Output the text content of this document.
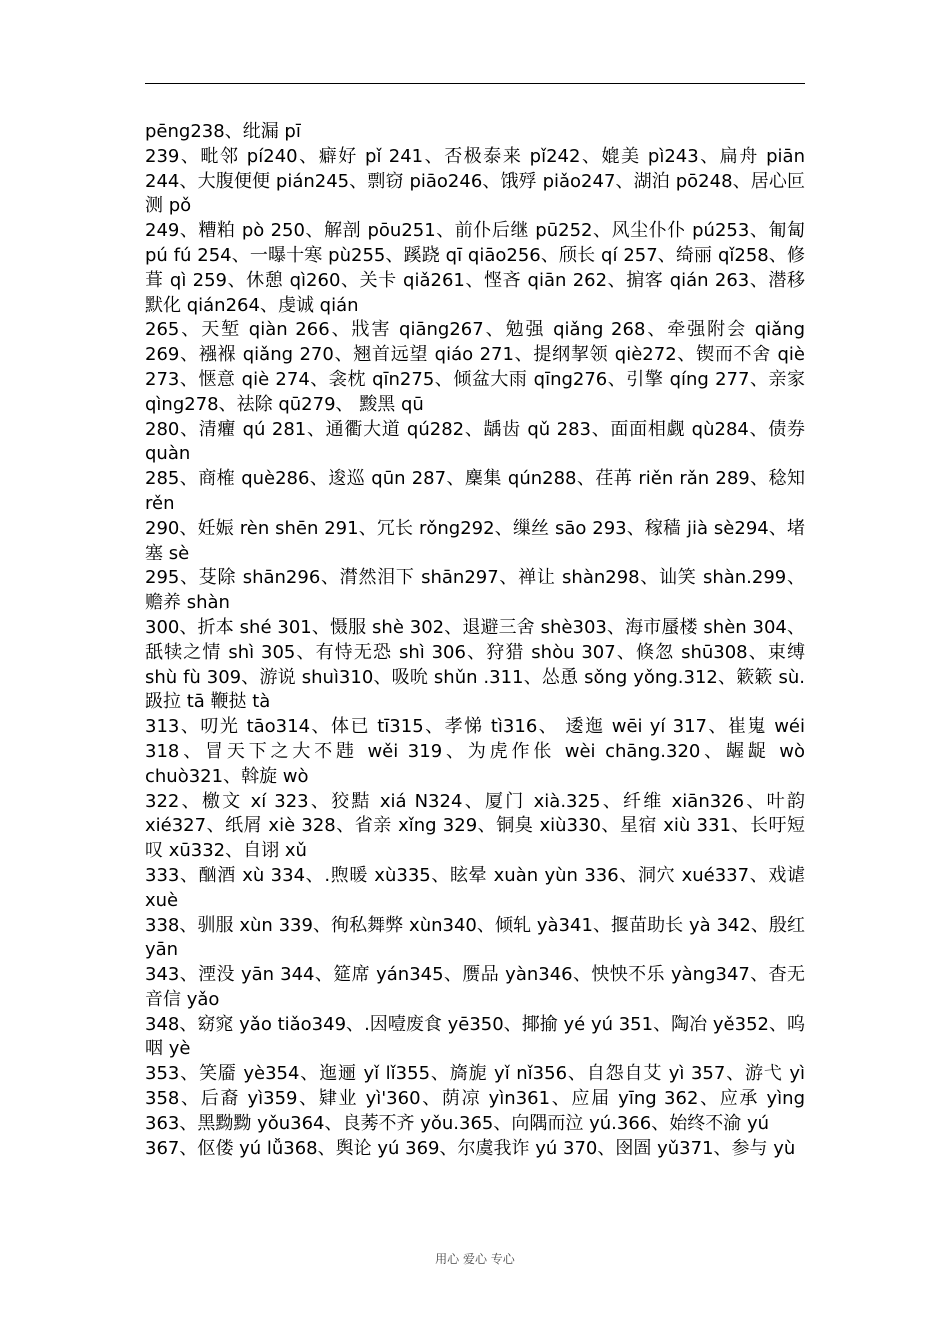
pēng238、纰漏 pī

239、毗邻 pí240、癖好 pǐ 241、否极泰来 pǐ242、媲美 pì243、扁舟 piān 244、大腹便便 pián245、剽窃 piāo246、饿殍 piǎo247、湖泊 pō248、居心叵测 pǒ

249、糟粕 pò 250、解剖 pōu251、前仆后继 pū252、风尘仆仆 pú253、匍匐 pú fú 254、一曝十寒 pù255、蹊跷 qī qiāo256、颀长 qí 257、绮丽 qǐ258、修葺 qì 259、休憩 qì260、关卡 qiǎ261、悭吝 qiān 262、掮客 qián 263、潜移默化 qián264、虔诚 qián

265、天堑 qiàn 266、戕害 qiāng267、勉强 qiǎng 268、牵强附会 qiǎng 269、襁褓 qiǎng 270、翘首远望 qiáo 271、提纲挈领 qiè272、锲而不舍 qiè 273、惬意 qiè 274、衾枕 qīn275、倾盆大雨 qīng276、引擎 qíng 277、亲家 qìng278、祛除 qū279、 黢黑 qū

280、清癯 qú 281、通衢大道 qú282、龋齿 qǔ 283、面面相觑 qù284、债券 quàn

285、商榷 què286、逡巡 qūn 287、麇集 qún288、荏苒 riěn rǎn 289、稔知 rěn

290、妊娠 rèn shēn 291、冗长 rǒng292、缫丝 sāo 293、稼穑 jià sè294、堵塞 sè

295、芟除 shān296、潸然泪下 shān297、禅让 shàn298、讪笑 shàn.299、赡养 shàn

300、折本 shé 301、慑服 shè 302、退避三舍 shè303、海市蜃楼 shèn 304、舐犊之情 shì 305、有恃无恐 shì 306、狩猎 shòu 307、倏忽 shū308、束缚 shù fù 309、游说 shuì310、吸吮 shǔn .311、怂恿 sǒng yǒng.312、簌簌 sù.趿拉 tā 鞭挞 tà

313、叨光 tāo314、体已 tī315、孝悌 tì316、 逶迤 wēi yí 317、崔嵬 wéi 318、冒天下之大不韪 wěi 319、为虎作伥 wèi chāng.320、龌龊 wò chuò321、斡旋 wò

322、檄文 xí 323、狡黠 xiá N324、厦门 xià.325、纤维 xiān326、叶韵 xié327、纸屑 xiè 328、省亲 xǐng 329、铜臭 xiù330、星宿 xiù 331、长吁短叹 xū332、自诩 xǔ

333、酗酒 xù 334、.煦暖 xù335、眩晕 xuàn yùn 336、洞穴 xué337、戏谑 xuè

338、驯服 xùn 339、徇私舞弊 xùn340、倾轧 yà341、揠苗助长 yà 342、殷红 yān

343、湮没 yān 344、筵席 yán345、赝品 yàn346、怏怏不乐 yàng347、杳无音信 yǎo

348、窈窕 yǎo tiǎo349、.因噎废食 yē350、揶揄 yé yú 351、陶冶 yě352、呜咽 yè

353、笑靥 yè354、迤逦 yǐ lǐ355、旖旎 yǐ nǐ356、自怨自艾 yì 357、游弋 yì 358、后裔 yì359、肄业 yì'360、荫凉 yìn361、应届 yīng 362、应承 yìng 363、黑黝黝 yǒu364、良莠不齐 yǒu.365、向隅而泣 yú.366、始终不渝 yú

367、伛偻 yú lǚ368、舆论 yú 369、尔虞我诈 yú 370、囹圄 yǔ371、参与 yù

用心 爱心 专心
